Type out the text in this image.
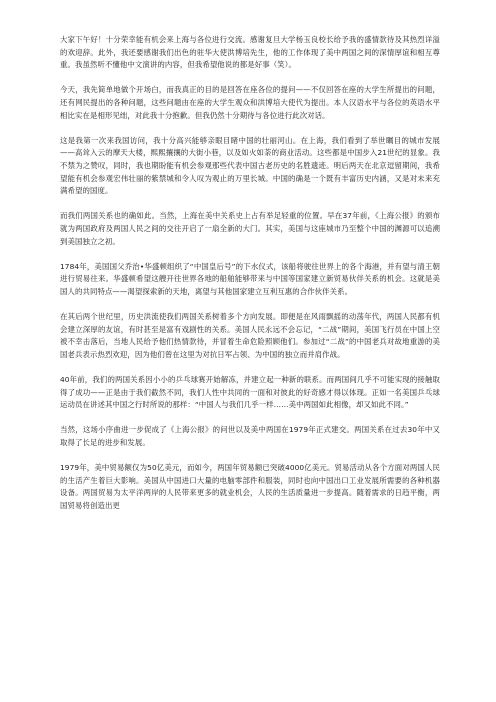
大家下午好！十分荣幸能有机会来上海与各位进行交流。感谢复旦大学杨玉良校长给予我的盛情款待及其热烈详溢的欢迎辞。此外，我还要感谢我们出色的驻华大使洪博培先生，他的工作体现了美中两国之间的深情厚谊和相互尊重。我虽然听不懂他中文演讲的内容，但我希望他说的都是好事（笑）。

今天，我先简单地做个开场白，而我真正的目的是回答在座各位的提问——不仅回答在座的大学生所提出的问题，还有网民提出的各种问题，这些问题由在座的大学生观众和洪博培大使代为提出。本人汉语水平与各位的英语水平相比实在是相形见绌，对此我十分抱歉。但我仍然十分期待与各位进行此次对话。

这是我第一次来我国访问，我十分高兴能够亲眼目睹中国的壮丽河山。在上海，我们看到了举世瞩目的城市发展——高耸入云的摩天大楼，熙熙攘攘的大街小巷，以及如火如荼的商业活动。这些都是中国步入21世纪的显象。我不禁为之赞叹，同时，我也期盼能有机会参观那些代表中国古老历史的名胜遗迹。明后两天在北京逗留期间，我希望能有机会参观宏伟壮丽的紫禁城和令人叹为观止的万里长城。中国的确是一个既有丰富历史内涵，又是对未来充满希望的国度。

而我们两国关系也的确如此。当然，上海在美中关系史上占有举足轻重的位置。早在37年前，《上海公报》的颁布就为两国政府及两国人民之间的交往开启了一扇全新的大门。其实，美国与这座城市乃至整个中国的渊源可以追溯到美国独立之初。

1784年，美国国父乔治•华盛顿组织了“中国皇后号”的下水仪式，该船将驶往世界上的各个海港，并有望与清王朝进行贸易往来。华盛顿希望这艘开往世界各地的船舶能够带来与中国等国家建立新贸易伙伴关系的机会。这就是美国人的共同特点——渴望探索新的天地，离望与其他国家建立互利互惠的合作伙伴关系。

在其后两个世纪里，历史洪流使我们两国关系树着多个方向发展。即便是在风雨飘摇的动荡年代，两国人民都有机会建立深厚的友谊，有时甚至是富有戏剧性的关系。美国人民永远不会忘记，“二战”期间，美国飞行员在中国上空被不幸击落后，当地人民给予他们热情款待，并冒着生命危险照顾他们。参加过“二战”的中国老兵对故地重游的美国老兵表示热烈欢迎，因为他们曾在这里为对抗日军占领、为中国的独立而并肩作战。

40年前，我们的两国关系因小小的乒乓球赛开始解冻，并建立起一种新的联系。而两国间几乎不可能实现的接触取得了成功——正是由于我们截然不同，我们人性中共同的一面和对彼此的好奇感才得以体现。正如一名美国乒乓球运动员在讲述其中国之行时所说的那样：“中国人与我们几乎一样……美中两国如此相像，却又如此不同。”

当然，这场小序曲进一步促成了《上海公报》的问世以及美中两国在1979年正式建交。两国关系在过去30年中又取得了长足的进步和发展。

1979年，美中贸易额仅为50亿美元，而如今，两国年贸易额已突破4000亿美元。贸易活动从各个方面对两国人民的生活产生着巨大影响。美国从中国进口大量的电脑零部件和服装，同时也向中国出口工业发展所需要的各种机器设备。两国贸易为太平洋两岸的人民带来更多的就业机会，人民的生活质量进一步提高。随着需求的日趋平衡，两国贸易将创造出更
